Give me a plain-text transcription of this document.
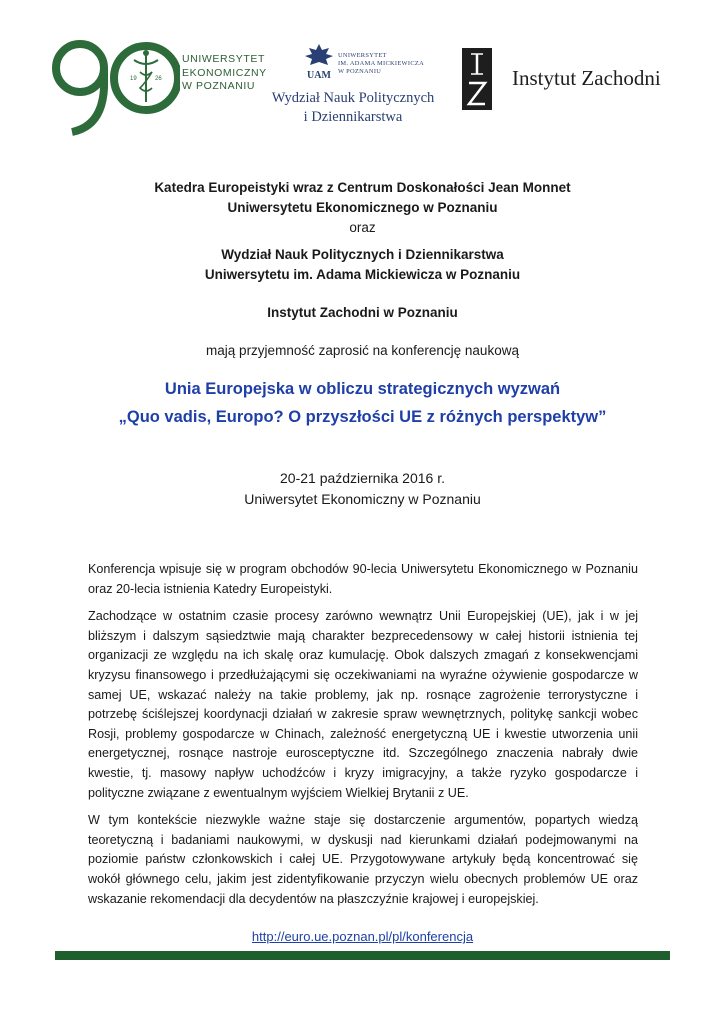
19	26
UNIWERSYTET
EKONOMICZNY
W POZNANIU
UAM
UNIWERSYTET
IM. ADAMA MICKIEWICZA
W POZNANIU
Wydział Nauk Politycznych
i Dziennikarstwa
Instytut Zachodni
Katedra Europeistyki wraz z Centrum Doskonałości Jean Monnet
Uniwersytetu Ekonomicznego w Poznaniu
oraz
Wydział Nauk Politycznych i Dziennikarstwa
Uniwersytetu im. Adama Mickiewicza w Poznaniu
Instytut Zachodni w Poznaniu
mają przyjemność zaprosić na konferencję naukową
Unia Europejska w obliczu strategicznych wyzwań
„Quo vadis, Europo? O przyszłości UE z różnych perspektyw”
20-21 października 2016 r.
Uniwersytet Ekonomiczny w Poznaniu

Konferencja wpisuje się w program obchodów 90-lecia Uniwersytetu Ekonomicznego w Poznaniu oraz 20-lecia istnienia Katedry Europeistyki.

Zachodzące w ostatnim czasie procesy zarówno wewnątrz Unii Europejskiej (UE), jak i w jej bliższym i dalszym sąsiedztwie mają charakter bezprecedensowy w całej historii istnienia tej organizacji ze względu na ich skalę oraz kumulację. Obok dalszych zmagań z konsekwencjami kryzysu finansowego i przedłużającymi się oczekiwaniami na wyraźne ożywienie gospodarcze w samej UE, wskazać należy na takie problemy, jak np. rosnące zagrożenie terrorystyczne i potrzebę ściślejszej koordynacji działań w zakresie spraw wewnętrznych, politykę sankcji wobec Rosji, problemy gospodarcze w Chinach, zależność energetyczną UE i kwestie utworzenia unii energetycznej, rosnące nastroje eurosceptyczne itd. Szczególnego znaczenia nabrały dwie kwestie, tj. masowy napływ uchodźców i kryzy imigracyjny, a także ryzyko gospodarcze i polityczne związane z ewentualnym wyjściem Wielkiej Brytanii z UE.

W tym kontekście niezwykle ważne staje się dostarczenie argumentów, popartych wiedzą teoretyczną i badaniami naukowymi, w dyskusji nad kierunkami działań podejmowanymi na poziomie państw członkowskich i całej UE. Przygotowywane artykuły będą koncentrować się wokół głównego celu, jakim jest zidentyfikowanie przyczyn wielu obecnych problemów UE oraz wskazanie rekomendacji dla decydentów na płaszczyźnie krajowej i europejskiej.

http://euro.ue.poznan.pl/pl/konferencja
